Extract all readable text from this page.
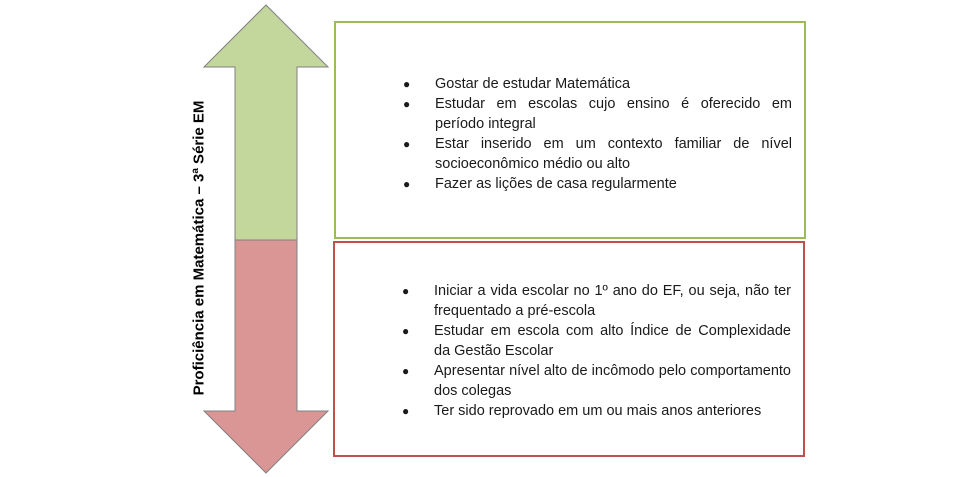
Proficiência em Matemática – 3ª Série EM
● Gostar de estudar Matemática
● Estudar em escolas cujo ensino é oferecido em período integral
● Estar inserido em um contexto familiar de nível socioeconômico médio ou alto
● Fazer as lições de casa regularmente
● Iniciar a vida escolar no 1º ano do EF, ou seja, não ter frequentado a pré-escola
● Estudar em escola com alto Índice de Complexidade da Gestão Escolar
● Apresentar nível alto de incômodo pelo comportamento dos colegas
● Ter sido reprovado em um ou mais anos anteriores
